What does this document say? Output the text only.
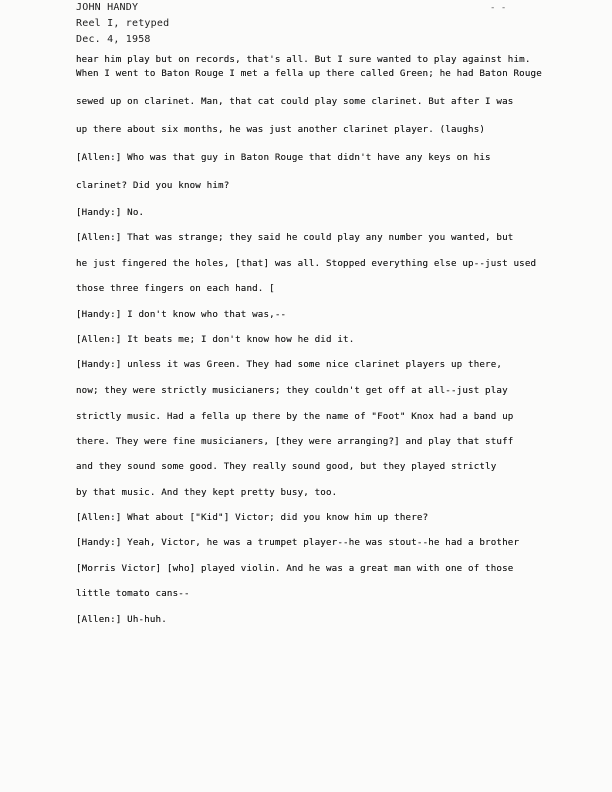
JOHN HANDY
Reel I, retyped
Dec. 4, 1958
- -
hear him play but on records, that's all. But I sure wanted to play against him.
When I went to Baton Rouge I met a fella up there called Green; he had Baton Rouge
sewed up on clarinet. Man, that cat could play some clarinet. But after I was
up there about six months, he was just another clarinet player. (laughs)
[Allen:] Who was that guy in Baton Rouge that didn't have any keys on his
clarinet? Did you know him?
[Handy:] No.
[Allen:] That was strange; they said he could play any number you wanted, but
he just fingered the holes, [that] was all. Stopped everything else up--just used
those three fingers on each hand. [
[Handy:] I don't know who that was,--
[Allen:] It beats me; I don't know how he did it.
[Handy:] unless it was Green. They had some nice clarinet players up there,
now; they were strictly musicianers; they couldn't get off at all--just play
strictly music. Had a fella up there by the name of "Foot" Knox had a band up
there. They were fine musicianers, [they were arranging?] and play that stuff
and they sound some good. They really sound good, but they played strictly
by that music. And they kept pretty busy, too.
[Allen:] What about ["Kid"] Victor; did you know him up there?
[Handy:] Yeah, Victor, he was a trumpet player--he was stout--he had a brother
[Morris Victor] [who] played violin. And he was a great man with one of those
little tomato cans--
[Allen:] Uh-huh.
